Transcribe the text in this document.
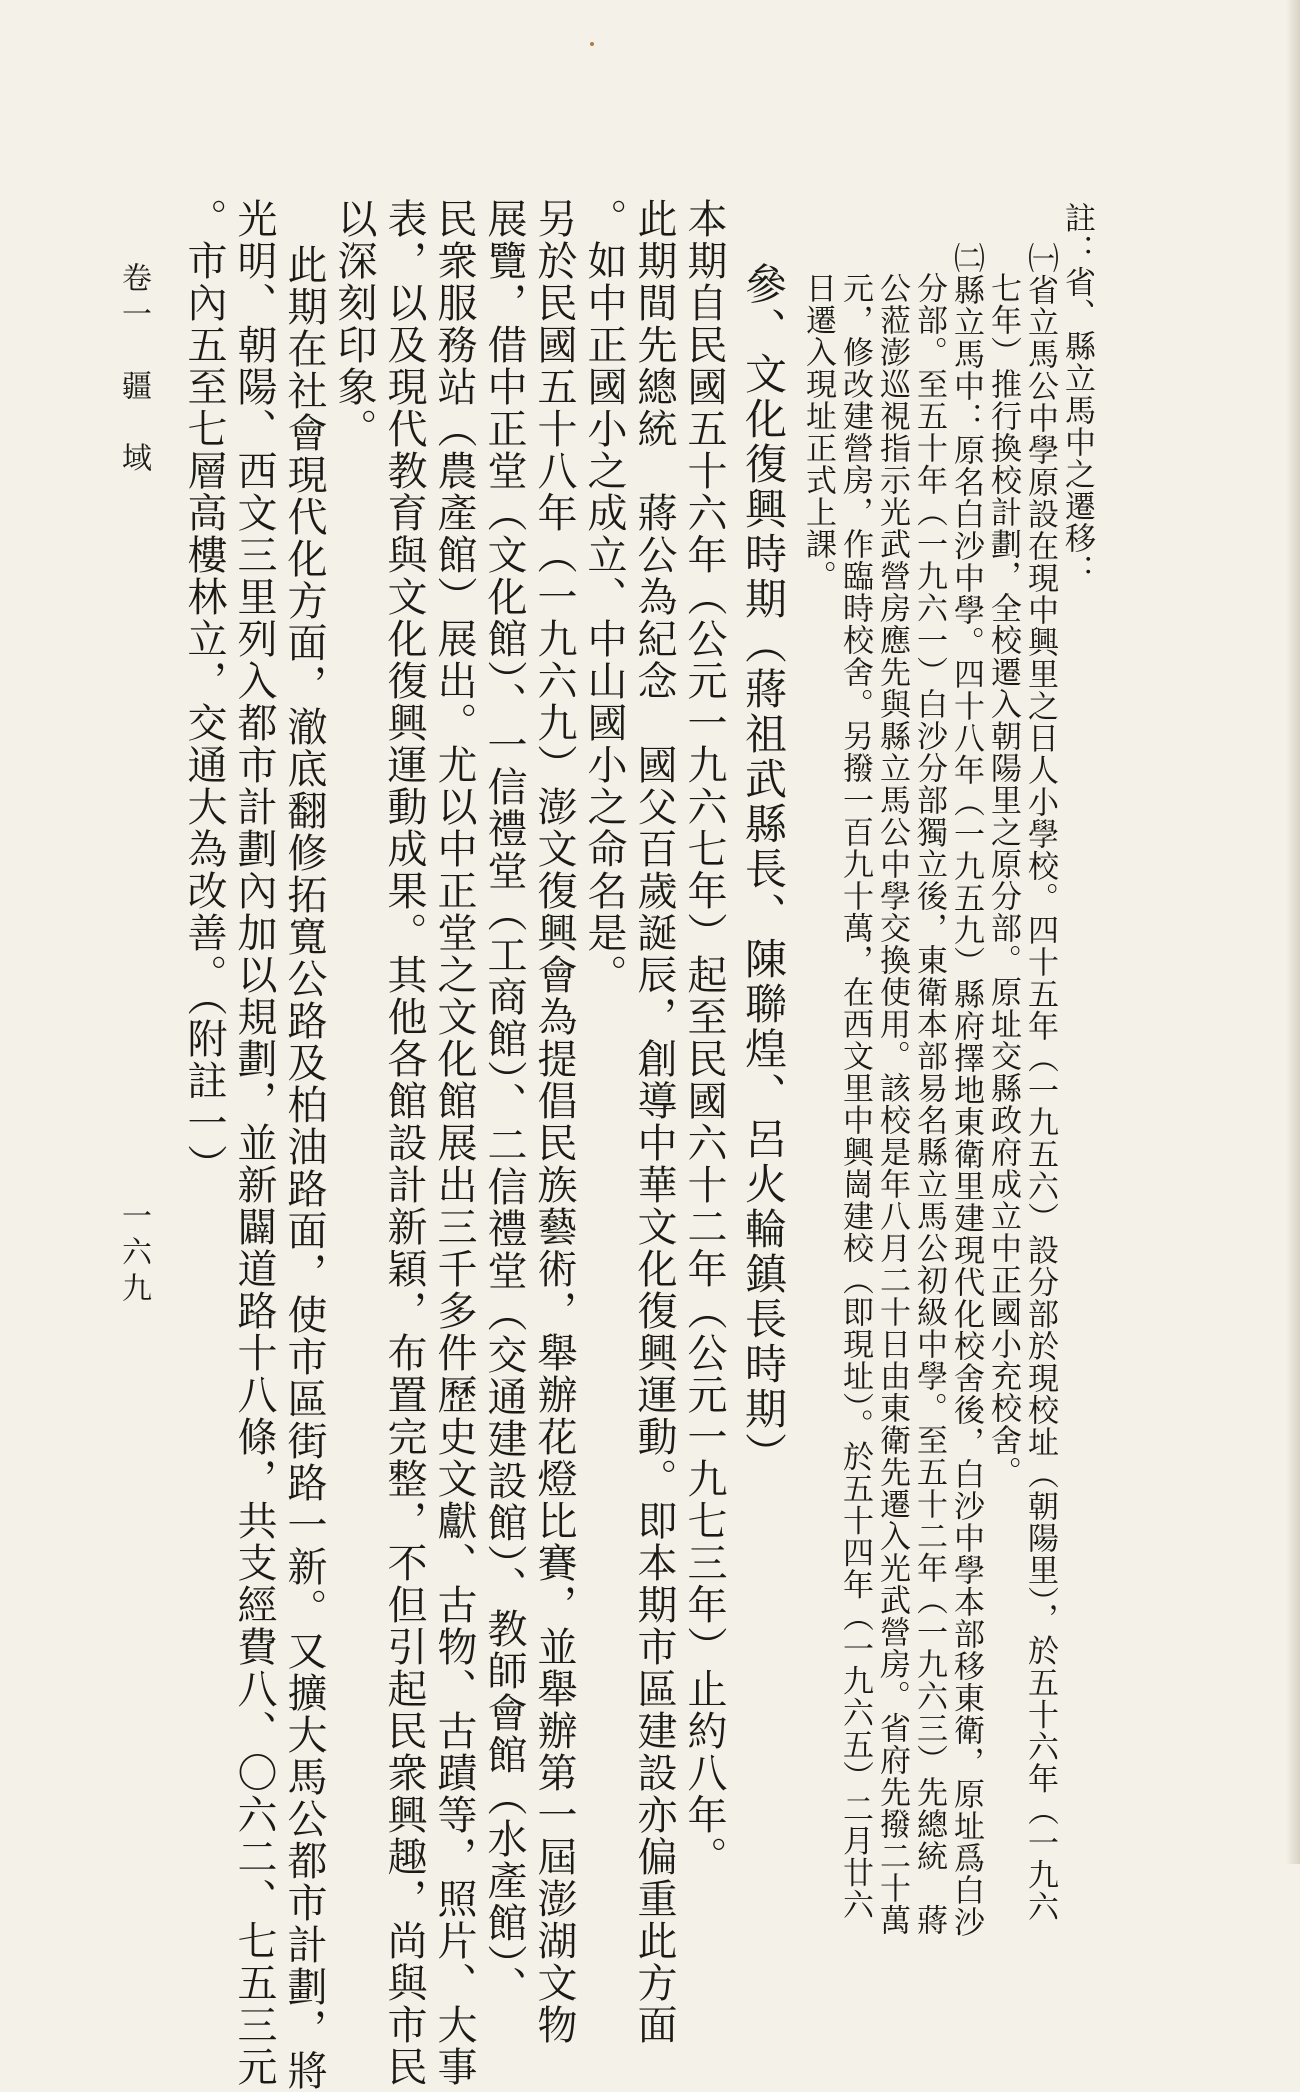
註：省、縣立馬中之遷移：
㈠省立馬公中學原設在現中興里之日人小學校。四十五年（一九五六）設分部於現校址（朝陽里），於五十六年（一九六
七年）推行換校計劃，全校遷入朝陽里之原分部。原址交縣政府成立中正國小充校舍。
㈡縣立馬中：原名白沙中學。四十八年（一九五九）縣府擇地東衛里建現代化校舍後，白沙中學本部移東衛，原址爲白沙
分部。至五十年（一九六一）白沙分部獨立後，東衛本部易名縣立馬公初級中學。至五十二年（一九六三）先總統　蔣
公蒞澎巡視指示光武營房應先與縣立馬公中學交換使用。該校是年八月二十日由東衛先遷入光武營房。省府先撥二十萬
元，修改建營房，作臨時校舍。另撥一百九十萬，在西文里中興崗建校（即現址）。於五十四年（一九六五）二月廿六
日遷入現址正式上課。
參、文化復興時期（蔣祖武縣長、陳聯煌、呂火輪鎮長時期）
本期自民國五十六年（公元一九六七年）起至民國六十二年（公元一九七三年）止約八年。
此期間先總統　蔣公為紀念　國父百歲誕辰，創導中華文化復興運動。即本期市區建設亦偏重此方面
。如中正國小之成立、中山國小之命名是。
另於民國五十八年（一九六九）澎文復興會為提倡民族藝術，舉辦花燈比賽，並舉辦第一屆澎湖文物
展覽，借中正堂（文化館）、一信禮堂（工商館）、二信禮堂（交通建設館）、教師會館（水產館）、
民衆服務站（農產館）展出。尤以中正堂之文化館展出三千多件歷史文獻、古物、古蹟等，照片、大事
表，以及現代教育與文化復興運動成果。其他各館設計新穎，布置完整，不但引起民衆興趣，尚與市民
以深刻印象。
此期在社會現代化方面，澈底翻修拓寬公路及柏油路面，使市區街路一新。又擴大馬公都市計劃，將
光明、朝陽、西文三里列入都市計劃內加以規劃，並新闢道路十八條，共支經費八、〇六二、七五三元
。市內五至七層高樓林立，交通大為改善。（附註一）
卷一　疆　域
一六九
